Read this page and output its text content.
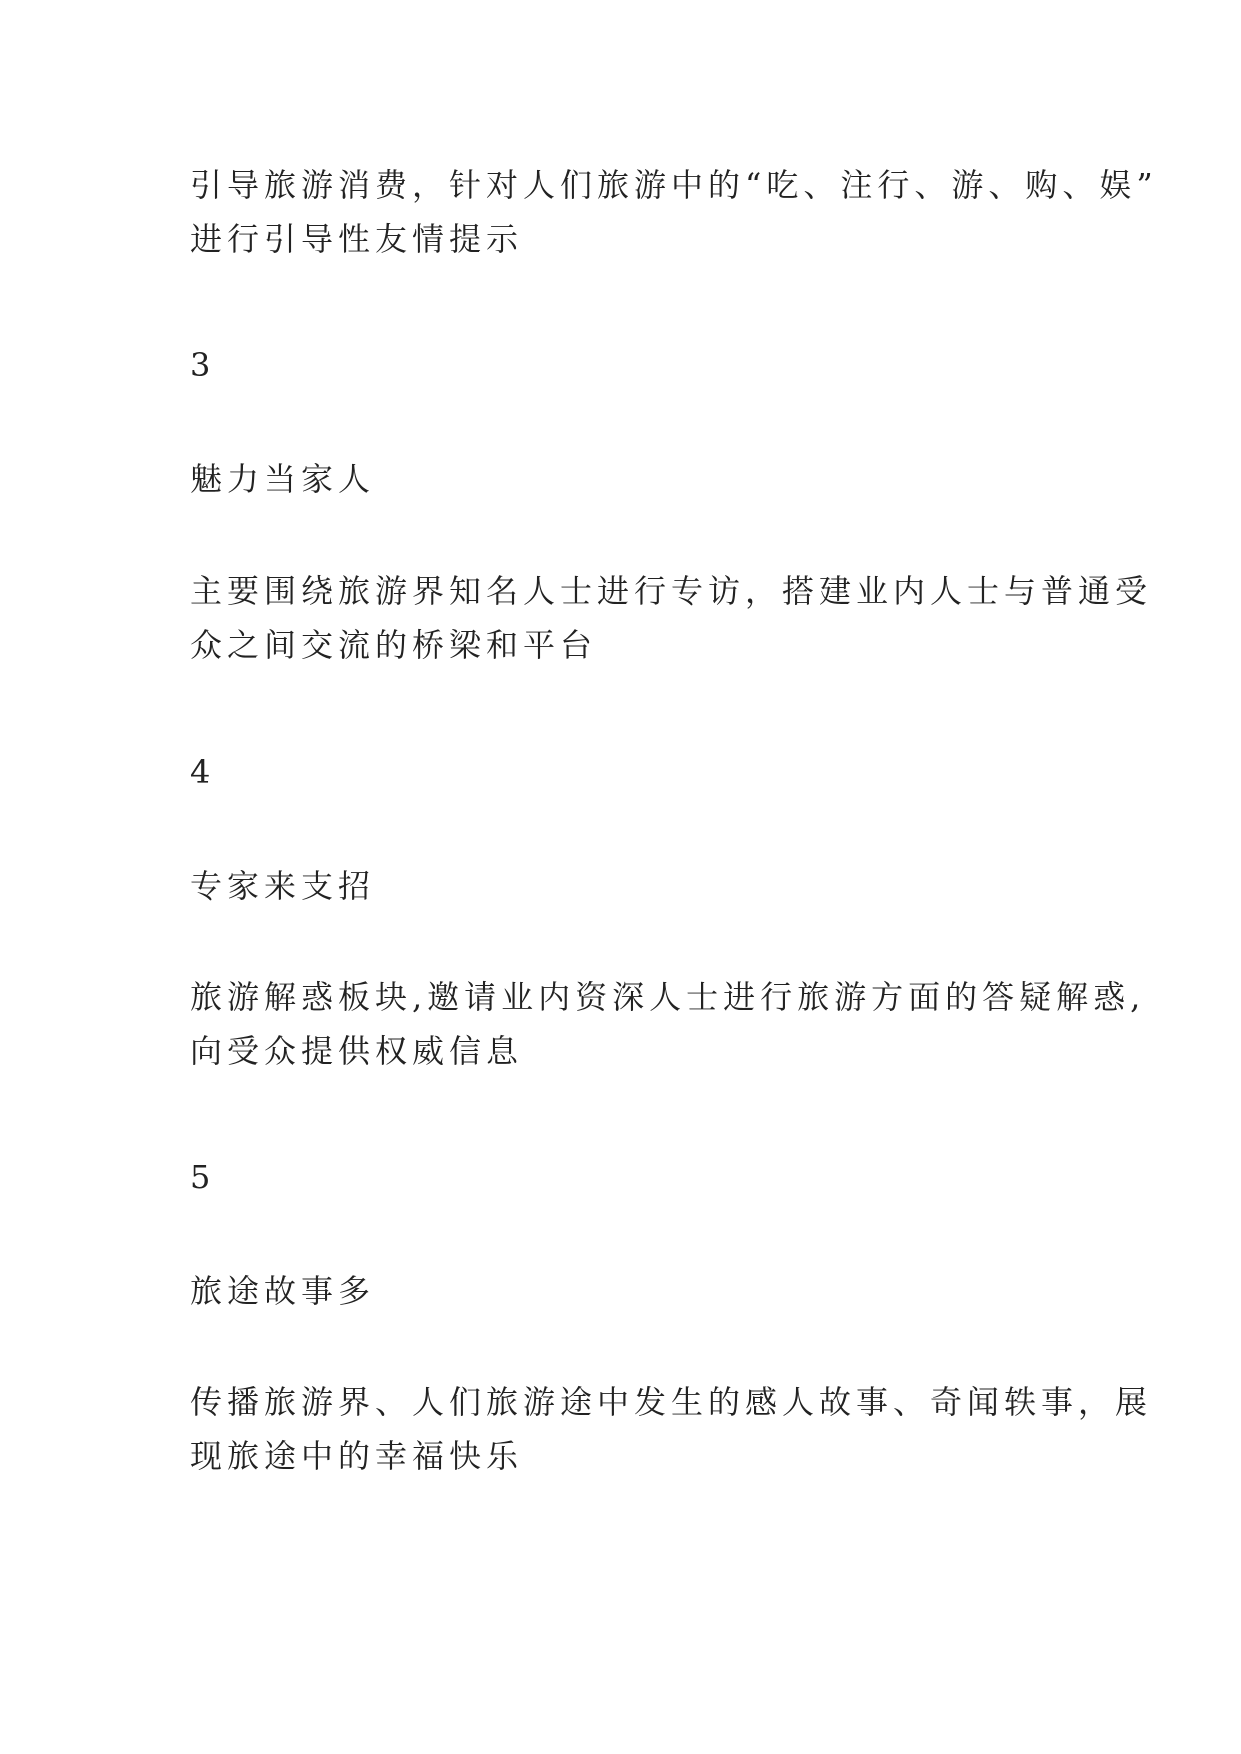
引导旅游消费，针对人们旅游中的“吃、注行、游、购、娱”
进行引导性友情提示
3
魅力当家人
主要围绕旅游界知名人士进行专访，搭建业内人士与普通受
众之间交流的桥梁和平台
4
专家来支招
旅游解惑板块,邀请业内资深人士进行旅游方面的答疑解惑,
向受众提供权威信息
5
旅途故事多
传播旅游界、人们旅游途中发生的感人故事、奇闻轶事，展
现旅途中的幸福快乐
